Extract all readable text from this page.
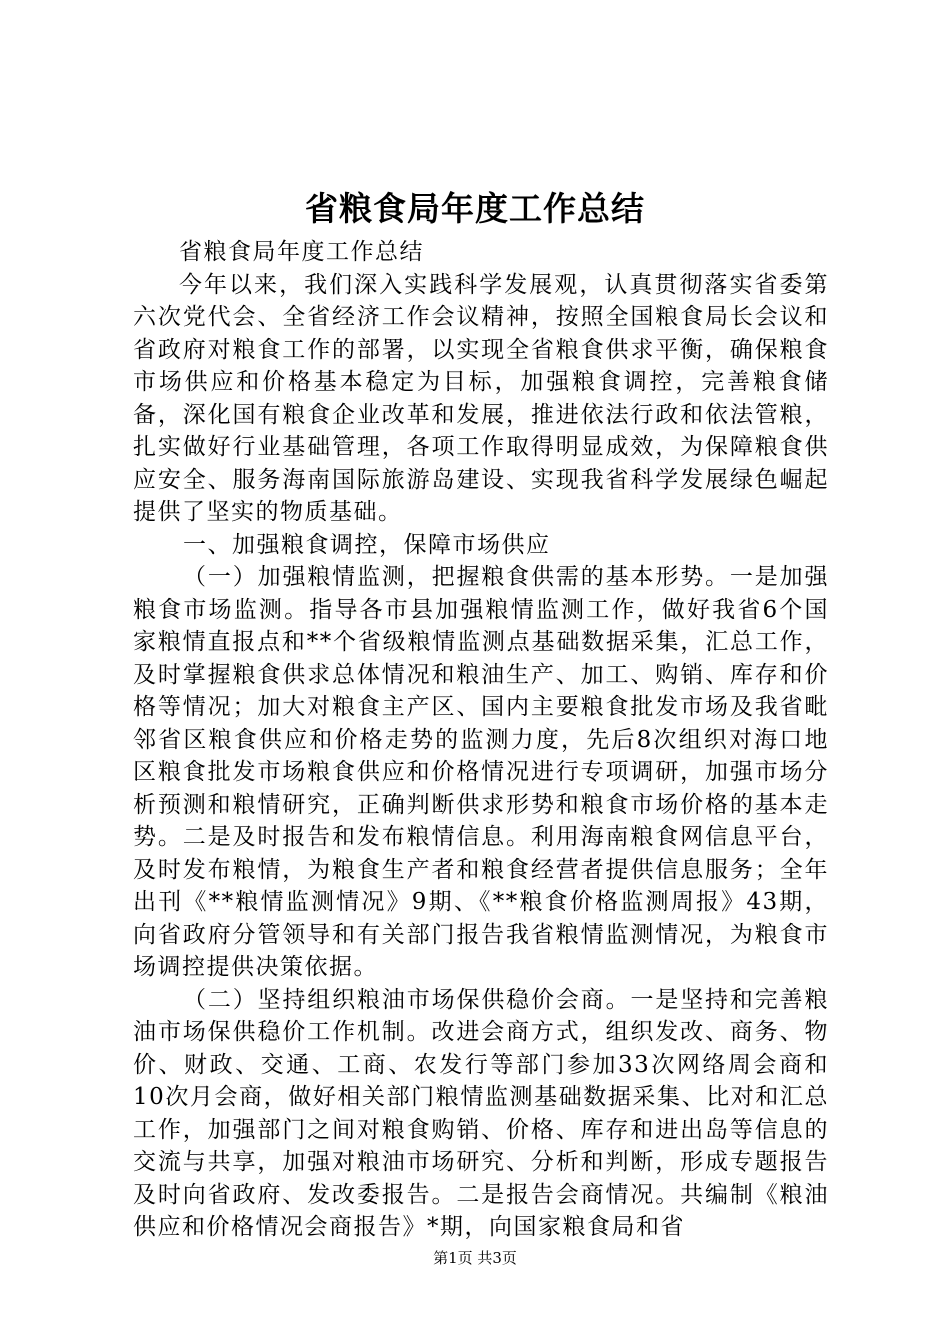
省粮食局年度工作总结

省粮食局年度工作总结

今年以来，我们深入实践科学发展观，认真贯彻落实省委第六次党代会、全省经济工作会议精神，按照全国粮食局长会议和省政府对粮食工作的部署，以实现全省粮食供求平衡，确保粮食市场供应和价格基本稳定为目标，加强粮食调控，完善粮食储备，深化国有粮食企业改革和发展，推进依法行政和依法管粮，扎实做好行业基础管理，各项工作取得明显成效，为保障粮食供应安全、服务海南国际旅游岛建设、实现我省科学发展绿色崛起提供了坚实的物质基础。

一、加强粮食调控，保障市场供应

（一）加强粮情监测，把握粮食供需的基本形势。一是加强粮食市场监测。指导各市县加强粮情监测工作，做好我省6个国家粮情直报点和**个省级粮情监测点基础数据采集，汇总工作，及时掌握粮食供求总体情况和粮油生产、加工、购销、库存和价格等情况；加大对粮食主产区、国内主要粮食批发市场及我省毗邻省区粮食供应和价格走势的监测力度，先后8次组织对海口地区粮食批发市场粮食供应和价格情况进行专项调研，加强市场分析预测和粮情研究，正确判断供求形势和粮食市场价格的基本走势。二是及时报告和发布粮情信息。利用海南粮食网信息平台，及时发布粮情，为粮食生产者和粮食经营者提供信息服务；全年出刊《**粮情监测情况》9期、《**粮食价格监测周报》43期，向省政府分管领导和有关部门报告我省粮情监测情况，为粮食市场调控提供决策依据。

（二）坚持组织粮油市场保供稳价会商。一是坚持和完善粮油市场保供稳价工作机制。改进会商方式，组织发改、商务、物价、财政、交通、工商、农发行等部门参加33次网络周会商和10次月会商，做好相关部门粮情监测基础数据采集、比对和汇总工作，加强部门之间对粮食购销、价格、库存和进出岛等信息的交流与共享，加强对粮油市场研究、分析和判断，形成专题报告及时向省政府、发改委报告。二是报告会商情况。共编制《粮油供应和价格情况会商报告》*期，向国家粮食局和省

第1页 共3页
